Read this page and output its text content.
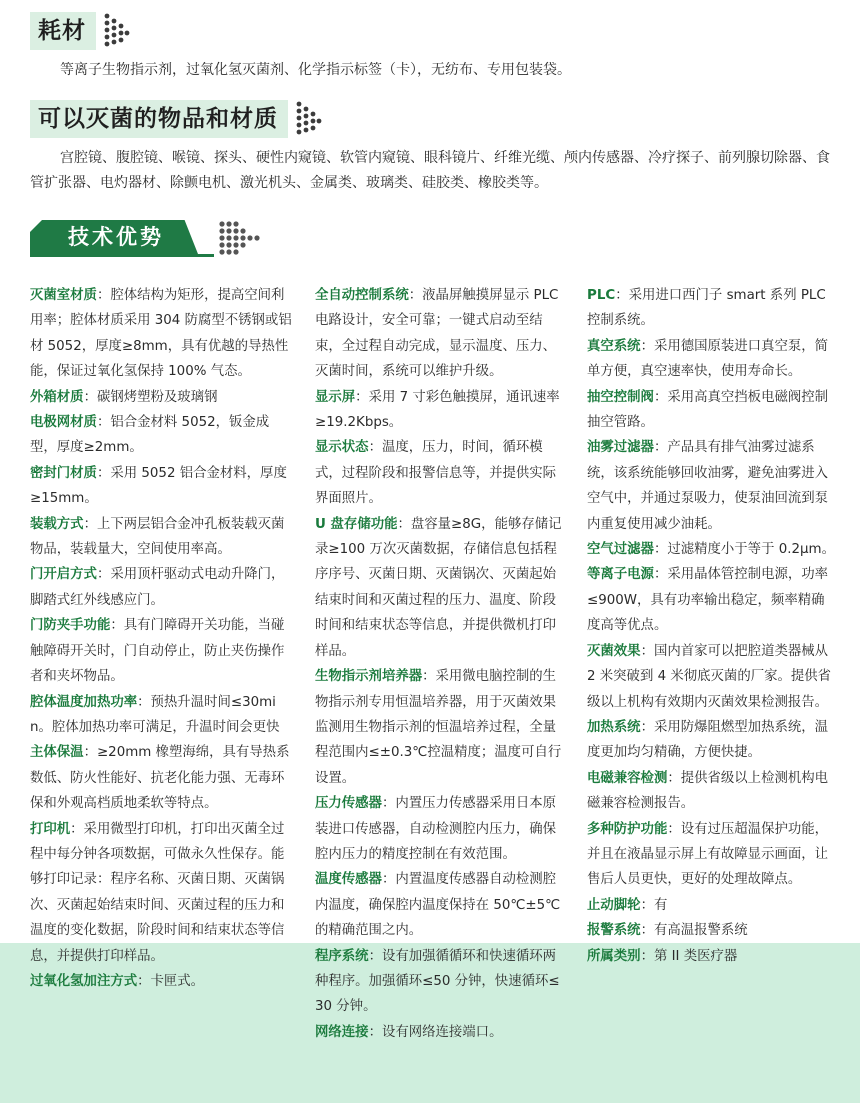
耗材
等离子生物指示剂，过氧化氢灭菌剂、化学指示标签（卡），无纺布、专用包装袋。
可以灭菌的物品和材质
宫腔镜、腹腔镜、喉镜、探头、硬性内窥镜、软管内窥镜、眼科镜片、纤维光缆、颅内传感器、冷疗探子、前列腺切除器、食管扩张器、电灼器材、除颤电机、激光机头、金属类、玻璃类、硅胶类、橡胶类等。
技术优势

灭菌室材质：腔体结构为矩形，提高空间利用率；腔体材质采用 304 防腐型不锈钢或铝材 5052，厚度≥8mm，具有优越的导热性能，保证过氧化氢保持 100% 气态。

外箱材质：碳钢烤塑粉及玻璃钢

电极网材质：铝合金材料 5052，钣金成型，厚度≥2mm。

密封门材质：采用 5052 铝合金材料，厚度≥15mm。

装载方式：上下两层铝合金冲孔板装载灭菌物品，装载量大，空间使用率高。

门开启方式：采用顶杆驱动式电动升降门，脚踏式红外线感应门。

门防夹手功能：具有门障碍开关功能，当碰触障碍开关时，门自动停止，防止夹伤操作者和夹坏物品。

腔体温度加热功率：预热升温时间≤30min。腔体加热功率可满足，升温时间会更快

主体保温：≥20mm 橡塑海绵，具有导热系数低、防火性能好、抗老化能力强、无毒环保和外观高档质地柔软等特点。

打印机：采用微型打印机，打印出灭菌全过程中每分钟各项数据，可做永久性保存。能够打印记录：程序名称、灭菌日期、灭菌锅次、灭菌起始结束时间、灭菌过程的压力和温度的变化数据，阶段时间和结束状态等信息，并提供打印样品。

过氧化氢加注方式：卡匣式。

全自动控制系统：液晶屏触摸屏显示 PLC 电路设计，安全可靠；一键式启动至结束，全过程自动完成，显示温度、压力、灭菌时间，系统可以维护升级。

显示屏：采用 7 寸彩色触摸屏，通讯速率≥19.2Kbps。

显示状态：温度，压力，时间，循环模式，过程阶段和报警信息等，并提供实际界面照片。

U 盘存储功能：盘容量≥8G，能够存储记录≥100 万次灭菌数据，存储信息包括程序序号、灭菌日期、灭菌锅次、灭菌起始结束时间和灭菌过程的压力、温度、阶段时间和结束状态等信息，并提供微机打印样品。

生物指示剂培养器：采用微电脑控制的生物指示剂专用恒温培养器，用于灭菌效果监测用生物指示剂的恒温培养过程，全量程范围内≤±0.3℃控温精度；温度可自行设置。

压力传感器：内置压力传感器采用日本原装进口传感器，自动检测腔内压力，确保腔内压力的精度控制在有效范围。

温度传感器：内置温度传感器自动检测腔内温度，确保腔内温度保持在 50℃±5℃的精确范围之内。

程序系统：设有加强循循环和快速循环两种程序。加强循环≤50 分钟，快速循环≤30 分钟。

网络连接：设有网络连接端口。

PLC：采用进口西门子 smart 系列 PLC 控制系统。

真空系统：采用德国原装进口真空泵，简单方便，真空速率快，使用寿命长。

抽空控制阀：采用高真空挡板电磁阀控制抽空管路。

油雾过滤器：产品具有排气油雾过滤系统，该系统能够回收油雾，避免油雾进入空气中，并通过泵吸力，使泵油回流到泵内重复使用减少油耗。

空气过滤器：过滤精度小于等于 0.2μm。

等离子电源：采用晶体管控制电源，功率≤900W，具有功率输出稳定，频率精确度高等优点。

灭菌效果：国内首家可以把腔道类器械从 2 米突破到 4 米彻底灭菌的厂家。提供省级以上机构有效期内灭菌效果检测报告。

加热系统：采用防爆阻燃型加热系统，温度更加均匀精确，方便快捷。

电磁兼容检测：提供省级以上检测机构电磁兼容检测报告。

多种防护功能：设有过压超温保护功能，并且在液晶显示屏上有故障显示画面，让售后人员更快，更好的处理故障点。

止动脚轮：有

报警系统：有高温报警系统

所属类别：第 II 类医疗器
